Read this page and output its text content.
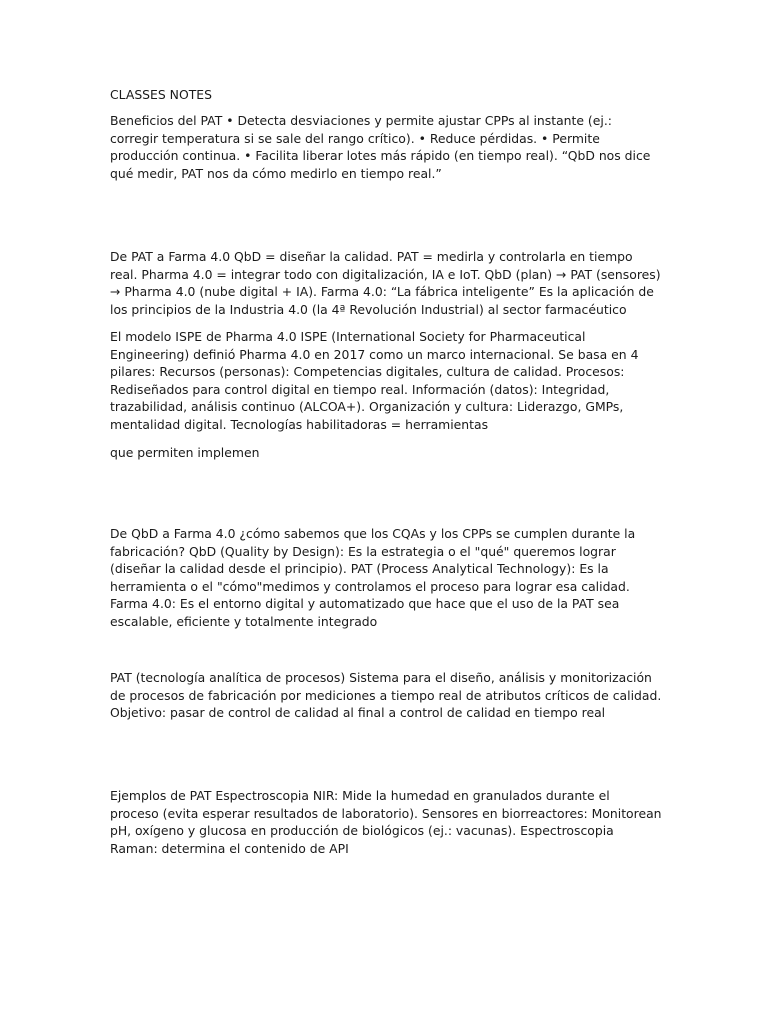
CLASSES NOTES

Beneficios del PAT • Detecta desviaciones y permite ajustar CPPs al instante (ej.: corregir temperatura si se sale del rango crítico). • Reduce pérdidas. • Permite producción continua. • Facilita liberar lotes más rápido (en tiempo real). “QbD nos dice qué medir, PAT nos da cómo medirlo en tiempo real.”

De PAT a Farma 4.0 QbD = diseñar la calidad. PAT = medirla y controlarla en tiempo real. Pharma 4.0 = integrar todo con digitalización, IA e IoT. QbD (plan) → PAT (sensores) → Pharma 4.0 (nube digital + IA). Farma 4.0: “La fábrica inteligente” Es la aplicación de los principios de la Industria 4.0 (la 4ª Revolución Industrial) al sector farmacéutico

El modelo ISPE de Pharma 4.0 ISPE (International Society for Pharmaceutical Engineering) definió Pharma 4.0 en 2017 como un marco internacional. Se basa en 4 pilares: Recursos (personas): Competencias digitales, cultura de calidad. Procesos: Rediseñados para control digital en tiempo real. Información (datos): Integridad, trazabilidad, análisis continuo (ALCOA+). Organización y cultura: Liderazgo, GMPs, mentalidad digital. Tecnologías habilitadoras = herramientas

que permiten implemen

De QbD a Farma 4.0 ¿cómo sabemos que los CQAs y los CPPs se cumplen durante la fabricación? QbD (Quality by Design): Es la estrategia o el "qué" queremos lograr (diseñar la calidad desde el principio). PAT (Process Analytical Technology): Es la herramienta o el "cómo"medimos y controlamos el proceso para lograr esa calidad. Farma 4.0: Es el entorno digital y automatizado que hace que el uso de la PAT sea escalable, eficiente y totalmente integrado

PAT (tecnología analítica de procesos) Sistema para el diseño, análisis y monitorización de procesos de fabricación por mediciones a tiempo real de atributos críticos de calidad. Objetivo: pasar de control de calidad al final a control de calidad en tiempo real

Ejemplos de PAT Espectroscopia NIR: Mide la humedad en granulados durante el proceso (evita esperar resultados de laboratorio). Sensores en biorreactores: Monitorean pH, oxígeno y glucosa en producción de biológicos (ej.: vacunas). Espectroscopia Raman: determina el contenido de API
